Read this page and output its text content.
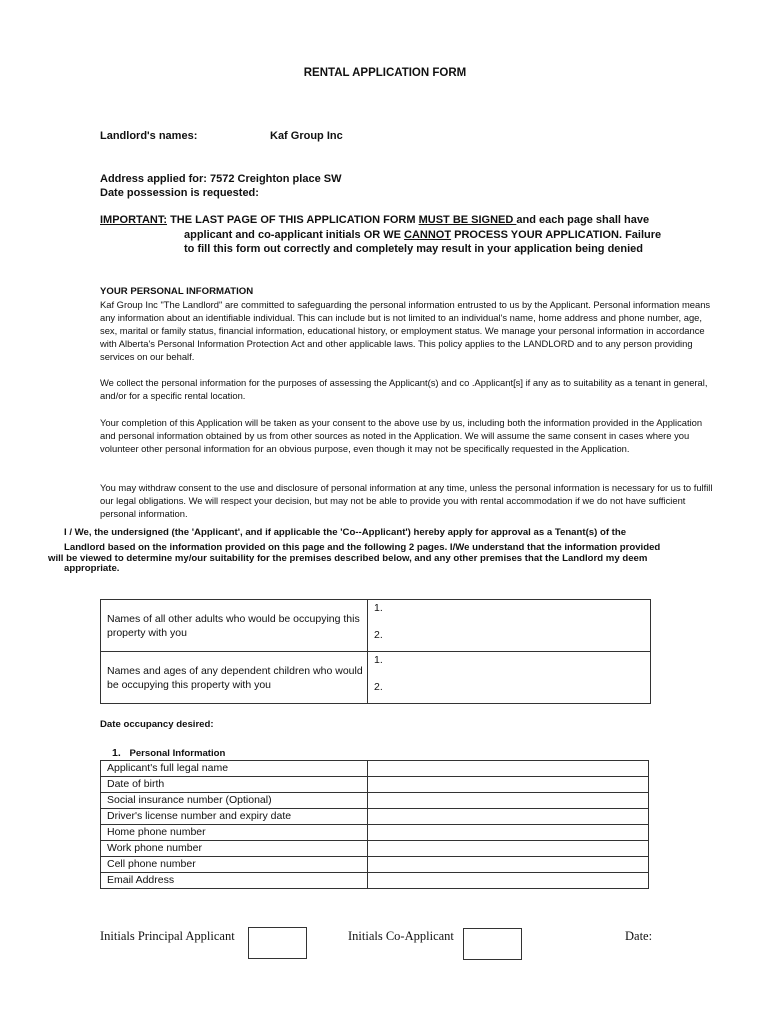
RENTAL APPLICATION FORM
Landlord's names:	Kaf Group Inc
Address applied for: 7572 Creighton place SW
Date possession is requested:
IMPORTANT: THE LAST PAGE OF THIS APPLICATION FORM MUST BE SIGNED and each page shall have
applicant and co-applicant initials OR WE CANNOT PROCESS YOUR APPLICATION. Failure
to fill this form out correctly and completely may result in your application being denied
YOUR PERSONAL INFORMATION
Kaf Group Inc "The Landlord" are committed to safeguarding the personal information entrusted to us by the Applicant. Personal information means any information about an identifiable individual. This can include but is not limited to an individual's name, home address and phone number, age, sex, marital or family status, financial information, educational history, or employment status. We manage your personal information in accordance with Alberta's Personal Information Protection Act and other applicable laws. This policy applies to the LANDLORD and to any person providing services on our behalf.
We collect the personal information for the purposes of assessing the Applicant(s) and co .Applicant[s] if any as to suitability as a tenant in general, and/or for a specific rental location.
Your completion of this Application will be taken as your consent to the above use by us, including both the information provided in the Application and personal information obtained by us from other sources as noted in the Application. We will assume the same consent in cases where you volunteer other personal information for an obvious purpose, even though it may not be specifically requested in the Application.
You may withdraw consent to the use and disclosure of personal information at any time, unless the personal information is necessary for us to fulfill our legal obligations. We will respect your decision, but may not be able to provide you with rental accommodation if we do not have sufficient personal information.
I / We, the undersigned (the 'Applicant', and if applicable the 'Co--Applicant') hereby apply for approval as a Tenant(s) of the
Landlord based on the information provided on this page and the following 2 pages. I/We understand that the information provided
will be viewed to determine my/our suitability for the premises described below, and any other premises that the Landlord my deem
appropriate.
Names of all other adults who would be occupying this property with you	1.
2.

Names and ages of any dependent children who would be occupying this property with you	1.
2.
Date occupancy desired:
1. Personal Information
Applicant's full legal name	
Date of birth	
Social insurance number (Optional)	
Driver's license number and expiry date	
Home phone number	
Work phone number	
Cell phone number	
Email Address	
Initials Principal Applicant	Initials Co-Applicant	Date:
